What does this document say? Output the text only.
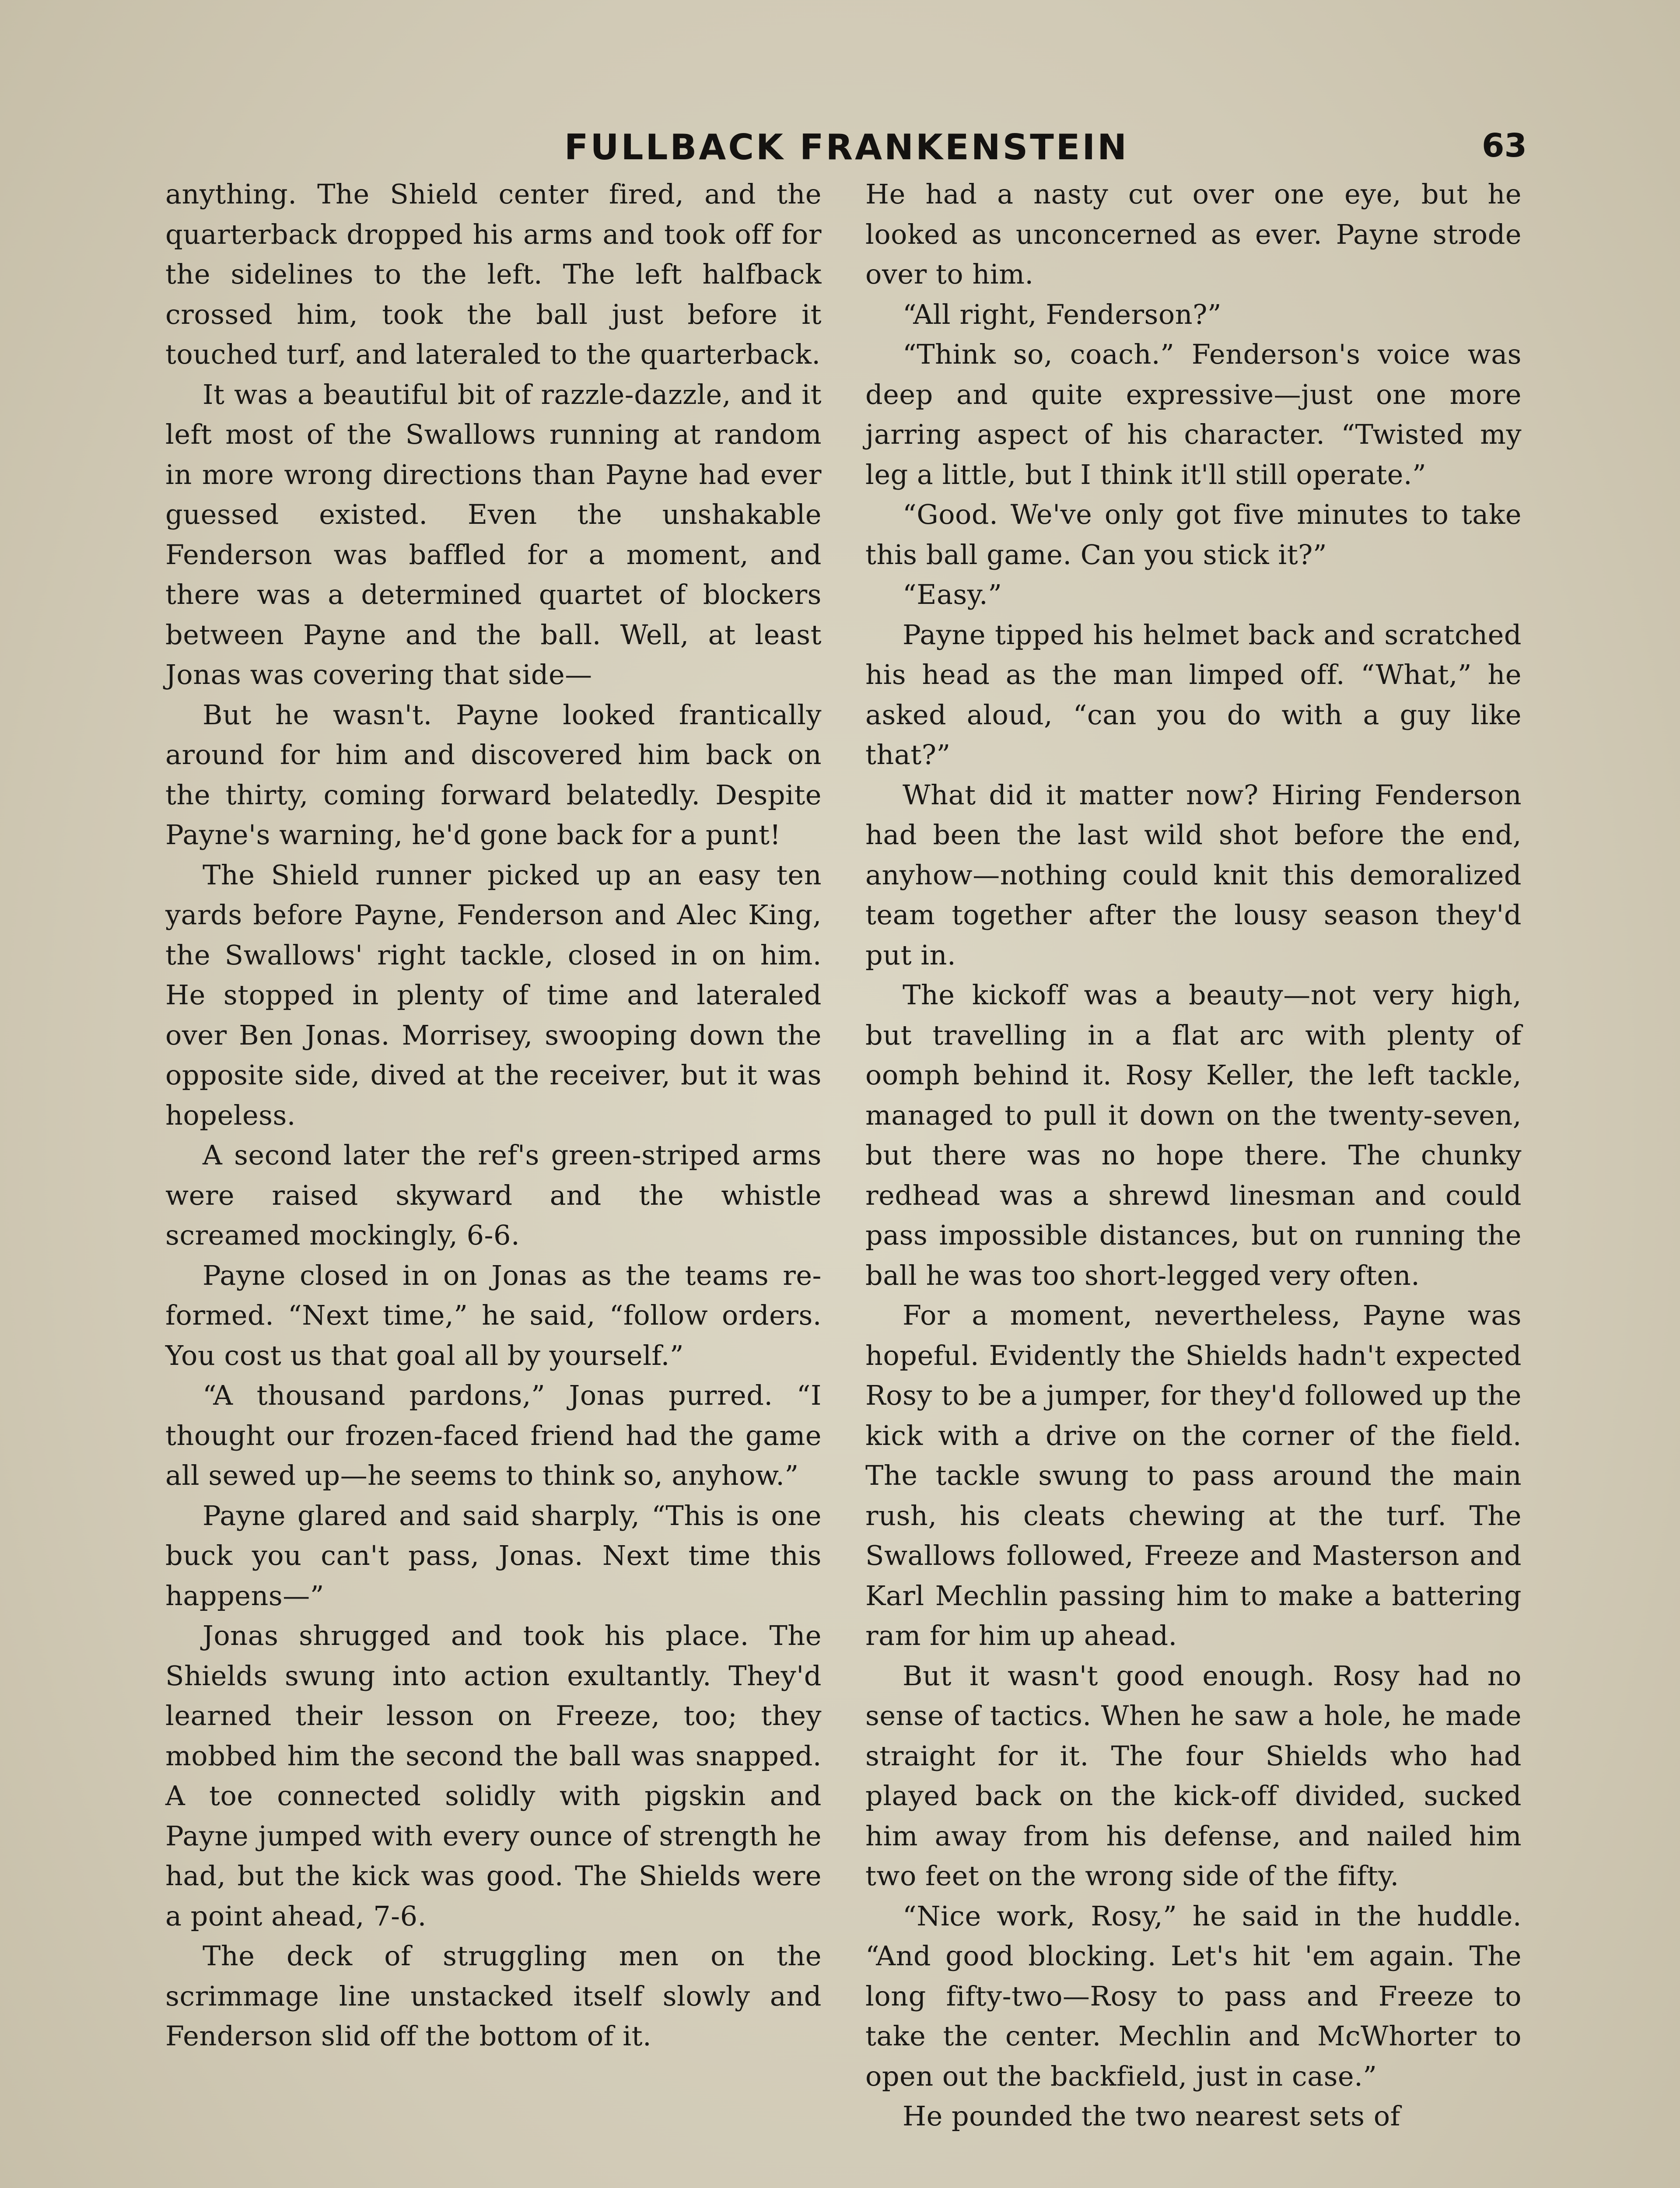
FULLBACK FRANKENSTEIN	63

anything. The Shield center fired, and the quarterback dropped his arms and took off for the sidelines to the left. The left halfback crossed him, took the ball just before it touched turf, and lateraled to the quarterback.

It was a beautiful bit of razzle-dazzle, and it left most of the Swallows running at random in more wrong directions than Payne had ever guessed existed. Even the unshakable Fenderson was baffled for a moment, and there was a determined quartet of blockers between Payne and the ball. Well, at least Jonas was covering that side—

But he wasn't. Payne looked frantically around for him and discovered him back on the thirty, coming forward belatedly. Despite Payne's warning, he'd gone back for a punt!

The Shield runner picked up an easy ten yards before Payne, Fenderson and Alec King, the Swallows' right tackle, closed in on him. He stopped in plenty of time and lateraled over Ben Jonas. Morrisey, swooping down the opposite side, dived at the receiver, but it was hopeless.

A second later the ref's green-striped arms were raised skyward and the whistle screamed mockingly, 6-6.

Payne closed in on Jonas as the teams re-formed. “Next time,” he said, “follow orders. You cost us that goal all by yourself.”

“A thousand pardons,” Jonas purred. “I thought our frozen-faced friend had the game all sewed up—he seems to think so, anyhow.”

Payne glared and said sharply, “This is one buck you can't pass, Jonas. Next time this happens—”

Jonas shrugged and took his place. The Shields swung into action exultantly. They'd learned their lesson on Freeze, too; they mobbed him the second the ball was snapped. A toe connected solidly with pigskin and Payne jumped with every ounce of strength he had, but the kick was good. The Shields were a point ahead, 7-6.

The deck of struggling men on the scrimmage line unstacked itself slowly and Fenderson slid off the bottom of it.

He had a nasty cut over one eye, but he looked as unconcerned as ever. Payne strode over to him.

“All right, Fenderson?”

“Think so, coach.” Fenderson's voice was deep and quite expressive—just one more jarring aspect of his character. “Twisted my leg a little, but I think it'll still operate.”

“Good. We've only got five minutes to take this ball game. Can you stick it?”

“Easy.”

Payne tipped his helmet back and scratched his head as the man limped off. “What,” he asked aloud, “can you do with a guy like that?”

What did it matter now? Hiring Fenderson had been the last wild shot before the end, anyhow—nothing could knit this demoralized team together after the lousy season they'd put in.

The kickoff was a beauty—not very high, but travelling in a flat arc with plenty of oomph behind it. Rosy Keller, the left tackle, managed to pull it down on the twenty-seven, but there was no hope there. The chunky redhead was a shrewd linesman and could pass impossible distances, but on running the ball he was too short-legged very often.

For a moment, nevertheless, Payne was hopeful. Evidently the Shields hadn't expected Rosy to be a jumper, for they'd followed up the kick with a drive on the corner of the field. The tackle swung to pass around the main rush, his cleats chewing at the turf. The Swallows followed, Freeze and Masterson and Karl Mechlin passing him to make a battering ram for him up ahead.

But it wasn't good enough. Rosy had no sense of tactics. When he saw a hole, he made straight for it. The four Shields who had played back on the kick-off divided, sucked him away from his defense, and nailed him two feet on the wrong side of the fifty.

“Nice work, Rosy,” he said in the huddle. “And good blocking. Let's hit 'em again. The long fifty-two—Rosy to pass and Freeze to take the center. Mechlin and McWhorter to open out the backfield, just in case.”

He pounded the two nearest sets of
